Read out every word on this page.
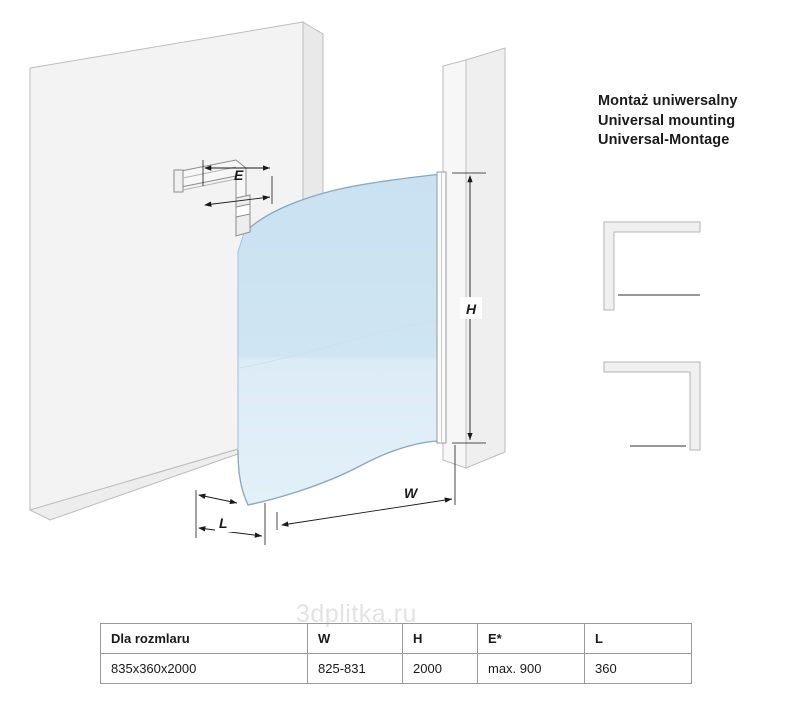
E
H
W
L
Montaż uniwersalny
Universal mounting
Universal-Montage
3dplitka.ru
Dla rozmlaru	W	H	E*	L
835x360x2000	825-831	2000	max. 900	360
